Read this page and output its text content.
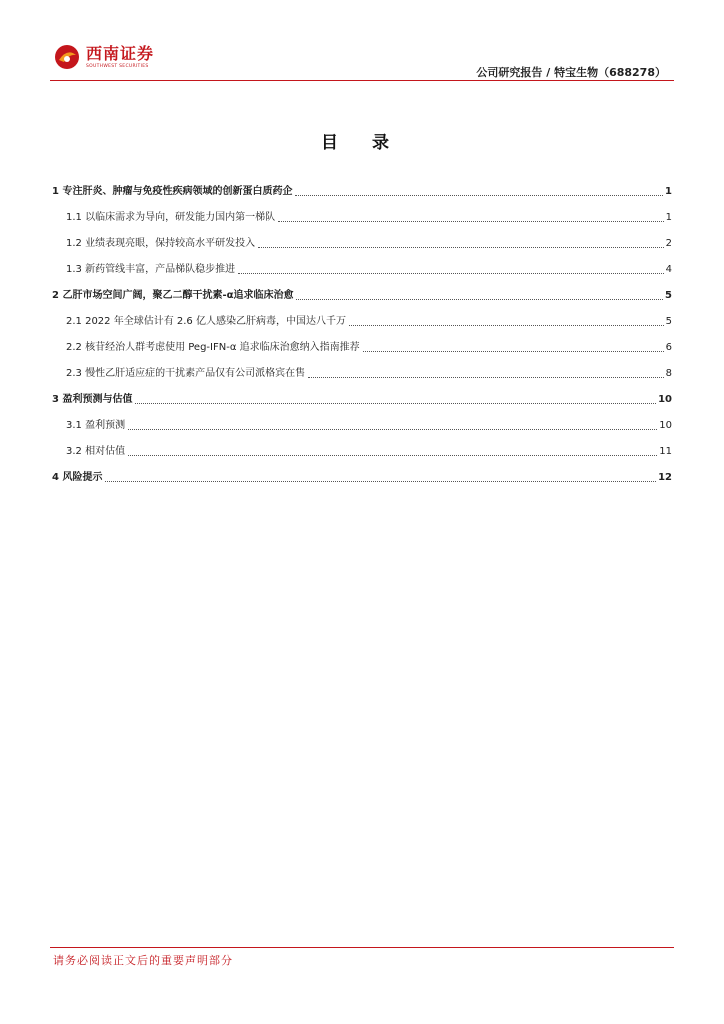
西南证券
SOUTHWEST SECURITIES	公司研究报告 / 特宝生物（688278）
目 录
1 专注肝炎、肿瘤与免疫性疾病领域的创新蛋白质药企	1
1.1 以临床需求为导向，研发能力国内第一梯队	1
1.2 业绩表现亮眼，保持较高水平研发投入	2
1.3 新药管线丰富，产品梯队稳步推进	4
2 乙肝市场空间广阔，聚乙二醇干扰素-α追求临床治愈	5
2.1 2022 年全球估计有 2.6 亿人感染乙肝病毒，中国达八千万	5
2.2 核苷经治人群考虑使用 Peg-IFN-α 追求临床治愈纳入指南推荐	6
2.3 慢性乙肝适应症的干扰素产品仅有公司派格宾在售	8
3 盈利预测与估值	10
3.1 盈利预测	10
3.2 相对估值	11
4 风险提示	12
请务必阅读正文后的重要声明部分
